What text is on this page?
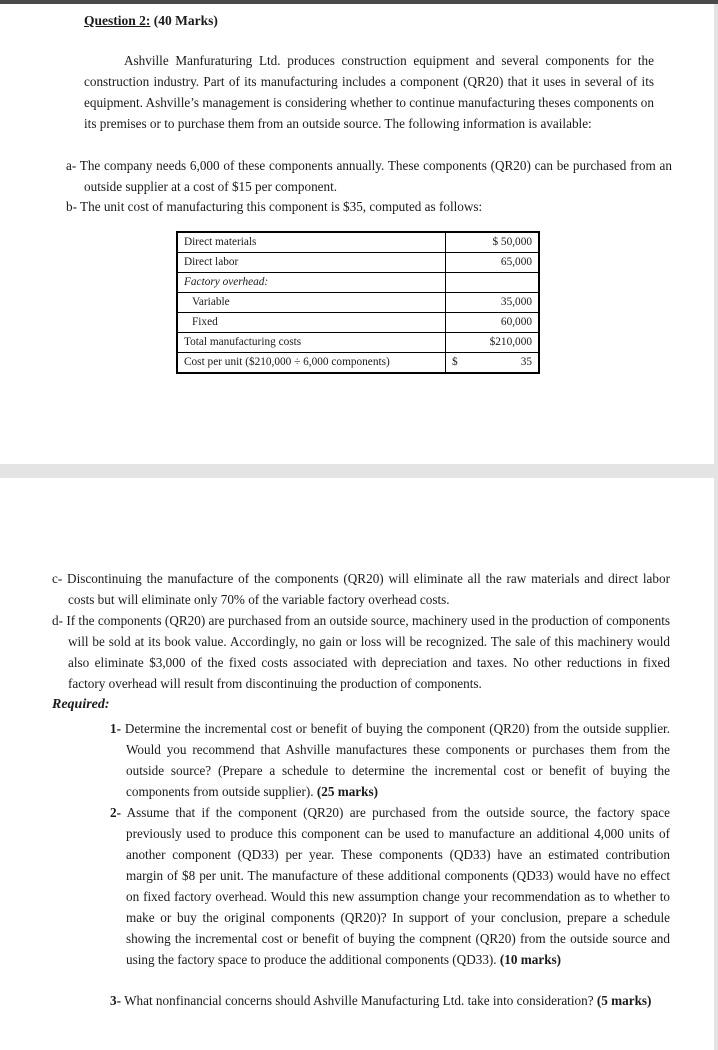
Question 2: (40 Marks)

Ashville Manfuraturing Ltd. produces construction equipment and several components for the construction industry. Part of its manufacturing includes a component (QR20) that it uses in several of its equipment. Ashville’s management is considering whether to continue manufacturing theses components on its premises or to purchase them from an outside source. The following information is available:

a- The company needs 6,000 of these components annually. These components (QR20) can be purchased from an outside supplier at a cost of $15 per component.

b- The unit cost of manufacturing this component is $35, computed as follows:

Direct materials	$ 50,000
Direct labor	65,000
Factory overhead:	
Variable	35,000
Fixed	60,000
Total manufacturing costs	$210,000
Cost per unit ($210,000 ÷ 6,000 components)	$ 35

c- Discontinuing the manufacture of the components (QR20) will eliminate all the raw materials and direct labor costs but will eliminate only 70% of the variable factory overhead costs.

d- If the components (QR20) are purchased from an outside source, machinery used in the production of components will be sold at its book value. Accordingly, no gain or loss will be recognized. The sale of this machinery would also eliminate $3,000 of the fixed costs associated with depreciation and taxes. No other reductions in fixed factory overhead will result from discontinuing the production of components.

Required:

1- Determine the incremental cost or benefit of buying the component (QR20) from the outside supplier. Would you recommend that Ashville manufactures these components or purchases them from the outside source? (Prepare a schedule to determine the incremental cost or benefit of buying the components from outside supplier). (25 marks)

2- Assume that if the component (QR20) are purchased from the outside source, the factory space previously used to produce this component can be used to manufacture an additional 4,000 units of another component (QD33) per year. These components (QD33) have an estimated contribution margin of $8 per unit. The manufacture of these additional components (QD33) would have no effect on fixed factory overhead. Would this new assumption change your recommendation as to whether to make or buy the original components (QR20)? In support of your conclusion, prepare a schedule showing the incremental cost or benefit of buying the compnent (QR20) from the outside source and using the factory space to produce the additional components (QD33). (10 marks)

3- What nonfinancial concerns should Ashville Manufacturing Ltd. take into consideration? (5 marks)
